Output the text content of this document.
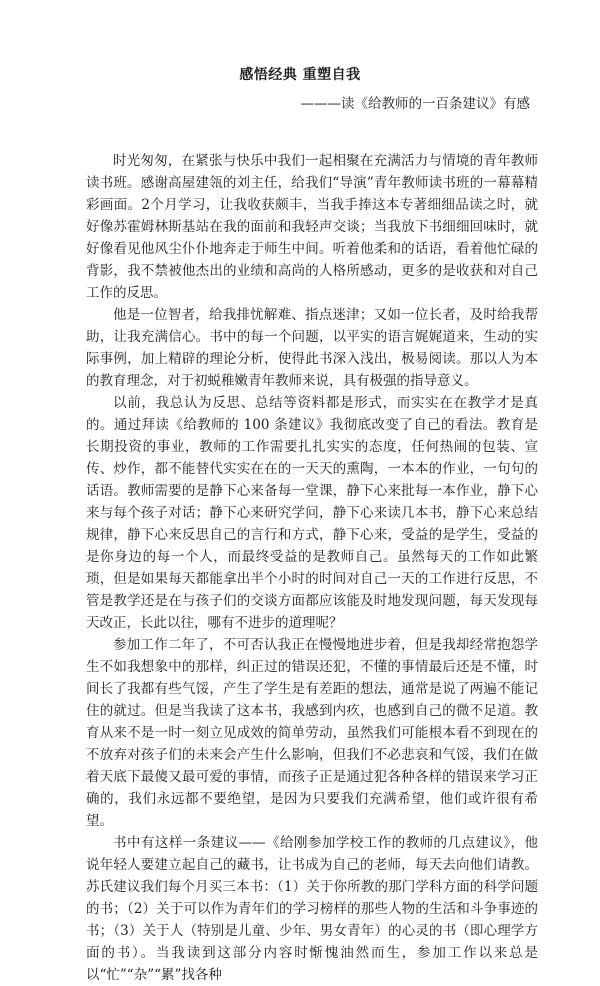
感悟经典 重塑自我
———读《给教师的一百条建议》有感

时光匆匆，在紧张与快乐中我们一起相聚在充满活力与情境的青年教师读书班。感谢高屋建瓴的刘主任，给我们“导演”青年教师读书班的一幕幕精彩画面。2个月学习，让我收获颇丰，当我手捧这本专著细细品读之时，就好像苏霍姆林斯基站在我的面前和我轻声交谈；当我放下书细细回味时，就好像看见他风尘仆仆地奔走于师生中间。听着他柔和的话语，看着他忙碌的背影，我不禁被他杰出的业绩和高尚的人格所感动，更多的是收获和对自己工作的反思。

他是一位智者，给我排忧解难、指点迷津；又如一位长者，及时给我帮助，让我充满信心。书中的每一个问题，以平实的语言娓娓道来，生动的实际事例，加上精辟的理论分析，使得此书深入浅出，极易阅读。那以人为本的教育理念，对于初蜕稚嫩青年教师来说，具有极强的指导意义。

以前，我总认为反思、总结等资料都是形式，而实实在在教学才是真的。通过拜读《给教师的 100 条建议》我彻底改变了自己的看法。教育是长期投资的事业，教师的工作需要扎扎实实的态度，任何热闹的包装、宣传、炒作，都不能替代实实在在的一天天的熏陶，一本本的作业，一句句的话语。教师需要的是静下心来备每一堂课，静下心来批每一本作业，静下心来与每个孩子对话；静下心来研究学问，静下心来读几本书，静下心来总结规律，静下心来反思自己的言行和方式，静下心来，受益的是学生，受益的是你身边的每一个人，而最终受益的是教师自己。虽然每天的工作如此繁琐，但是如果每天都能拿出半个小时的时间对自己一天的工作进行反思，不管是教学还是在与孩子们的交谈方面都应该能及时地发现问题，每天发现每天改正，长此以往，哪有不进步的道理呢？

参加工作二年了，不可否认我正在慢慢地进步着，但是我却经常抱怨学生不如我想象中的那样，纠正过的错误还犯，不懂的事情最后还是不懂，时间长了我都有些气馁，产生了学生是有差距的想法，通常是说了两遍不能记住的就过。但是当我读了这本书，我感到内疚，也感到自己的微不足道。教育从来不是一时一刻立见成效的简单劳动，虽然我们可能根本看不到现在的不放弃对孩子们的未来会产生什么影响，但我们不必悲哀和气馁，我们在做着天底下最傻又最可爱的事情，而孩子正是通过犯各种各样的错误来学习正确的，我们永远都不要绝望，是因为只要我们充满希望，他们或许很有希望。

书中有这样一条建议——《给刚参加学校工作的教师的几点建议》，他说年轻人要建立起自己的藏书，让书成为自己的老师，每天去向他们请教。苏氏建议我们每个月买三本书：（1）关于你所教的那门学科方面的科学问题的书；（2）关于可以作为青年们的学习榜样的那些人物的生活和斗争事迹的书；（3）关于人（特别是儿童、少年、男女青年）的心灵的书（即心理学方面的书）。当我读到这部分内容时惭愧油然而生，参加工作以来总是以“忙”“杂”“累”找各种
